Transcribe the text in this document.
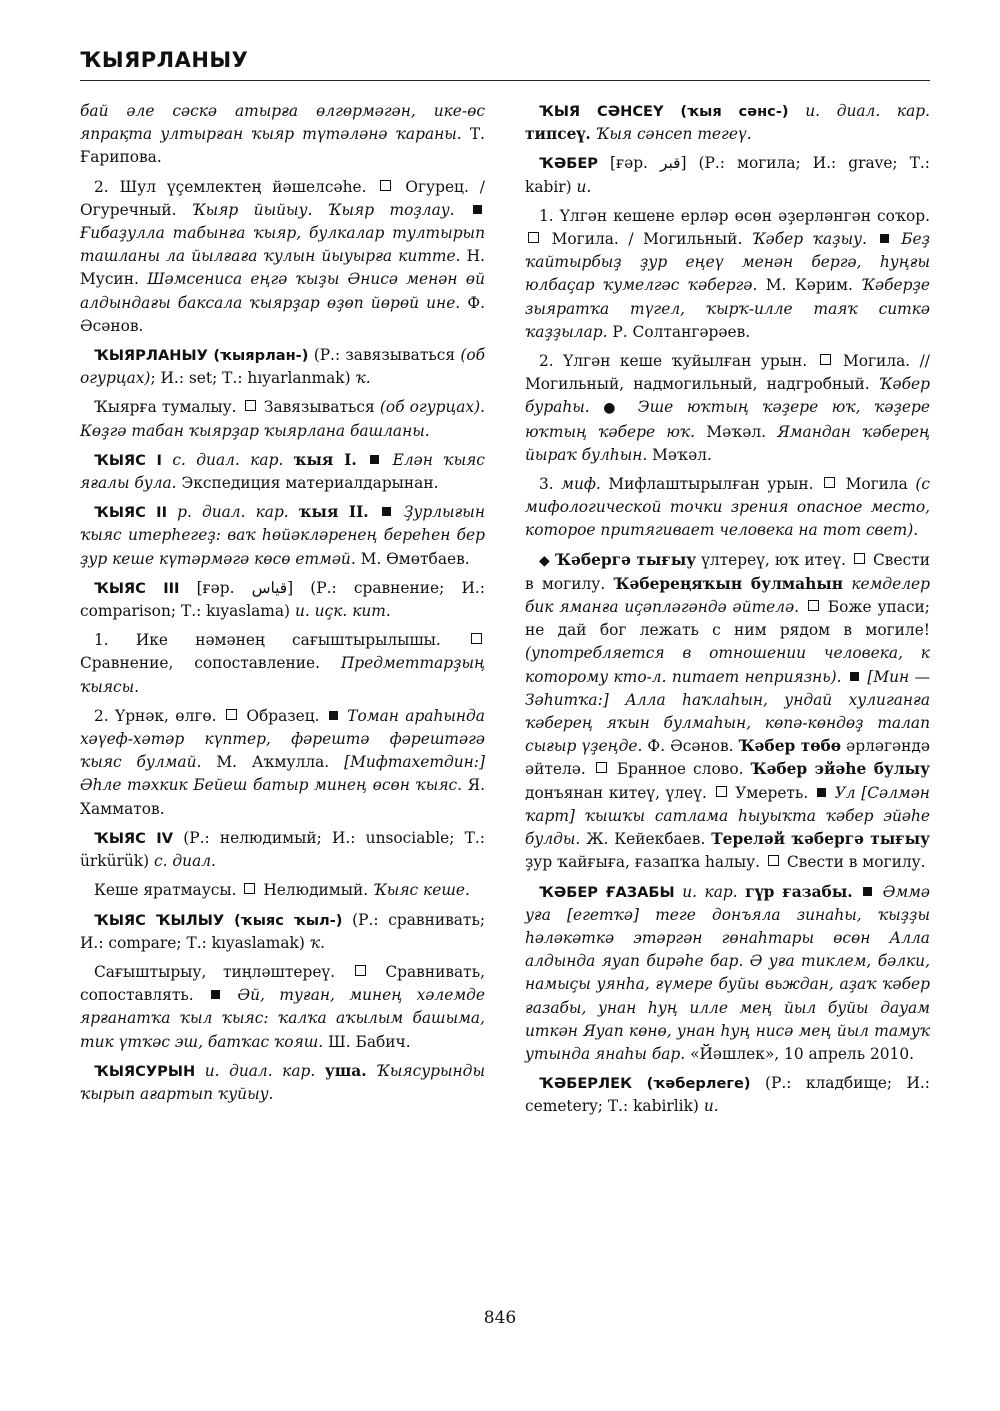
ҠЫЯРЛАНЫУ

бай әле сәскә атырға өлгөрмәгән, ике-өс япрақта ултырған ҡыяр түтәләнә ҡараны. Т. Ғарипова.

2. Шул үҫемлектең йәшелсәһе.	Огурец. / Огуречный. Ҡыяр йыйыу. Ҡыяр тоҙлау.  Ғибаҙулла табынға ҡыяр, булкалар тултырып ташланы ла йылғаға ҡулын йыуырға китте. Н. Мусин. Шәмсениса еңгә ҡыҙы Әнисә менән өй алдындағы баксала ҡыярҙар өҙөп йөрөй ине. Ф. Әсәнов.

ҠЫЯРЛАНЫУ (ҡыярлан-) (Р.: завязываться (об огурцах); И.: set; Т.: hıyarlanmak) ҡ.

Ҡыярға тумалыу. Завязываться (об огурцах). Көҙгә табан ҡыярҙар ҡыярлана башланы.

ҠЫЯС I с. диал. кар. ҡыя I. Елән ҡыяс яғалы була. Экспедиция материалдарынан.

ҠЫЯС II р. диал. кар. ҡыя II. Ҙурлығын ҡыяс итерһегеҙ: ваҡ һөйәкләренең береһен бер ҙур кеше күтәрмәгә көсө етмәй. М. Өмөтбаев.

ҠЫЯС III [ғәр. قياس] (Р.: сравнение; И.: comparison; Т.: kıyaslama) и. иҫк. кит.

1. Ике нәмәнең сағыштырылышы.  Сравнение, сопоставление. Предметтарҙың ҡыясы.

2. Үрнәк, өлгө. Образец. Томан араһында хәүеф-хәтәр күптер, фәрештә фәрештәгә ҡыяс булмай. М. Аҡмулла. [Мифтахетдин:] Әһле тәхкик Бейеш батыр минең өсөн ҡыяс. Я. Хамматов.

ҠЫЯС IV (Р.: нелюдимый; И.: unsociable; Т.: ürkürük) с. диал.

Кеше яратмаусы. Нелюдимый. Ҡыяс кеше.

ҠЫЯС ҠЫЛЫУ (ҡыяс ҡыл-) (Р.: сравнивать; И.: compare; Т.: kıyaslamak) ҡ.

Сағыштырыу, тиңләштереү.	Сравнивать, сопоставлять.	Әй, туған, минең хәлемде ярғанатҡа ҡыл ҡыяс: ҡалҡа аҡылым башыма, тик үтҡәс эш, батҡас ҡояш. Ш. Бабич.

ҠЫЯСУРЫН и. диал. кар. уша. Ҡыясурынды ҡырып ағартып ҡуйыу.

ҠЫЯ СӘНСЕҮ (ҡыя сәнс-) и. диал. кар. типсеү. Ҡыя сәнсеп тегеү.

ҠӘБЕР [ғәр. قبر] (Р.: могила; И.: grave; Т.: kabir) и.

1. Үлгән кешене ерләр өсөн әҙерләнгән соҡор.  Могила. / Могильный. Ҡәбер ҡаҙыу. Беҙ ҡайтырбыҙ ҙур еңеү менән бергә, һуңғы юлбаҫар ҡумелгәс ҡәбергә. М. Кәрим. Ҡәберҙе зыяратҡа түгел, ҡырҡ-илле таяҡ ситкә ҡаҙҙылар. Р. Солтангәрәев.

2. Үлгән кеше ҡуйылған урын. Могила. // Могильный, надмогильный, надгробный. Ҡәбер бураһы. ● Эше юҡтың ҡәҙере юҡ, ҡәҙере юҡтың ҡәбере юҡ. Мәҡәл. Ямандан ҡәберең йыраҡ булһын. Мәҡәл.

3. миф. Мифлаштырылған урын. Могила (с мифологической точки зрения опасное место, которое притягивает человека на тот свет).

◆ Ҡәбергә тығыу үлтереү, юҡ итеү. Свести в могилу. Ҡәбереңяҡын булмаһын кемделер бик яманға иҫәпләгәндә әйтелә. Боже упаси; не дай бог лежать с ним рядом в могиле! (употребляется в отношении человека, к которому кто-л. питает неприязнь). [Мин — Зәһитҡа:] Алла һаҡлаһын, ундай хулиганға ҡәберең яҡын булмаһын, көпә-көндөҙ талап сығыр үҙеңде. Ф. Әсәнов. Ҡәбер төбө әрләгәндә әйтелә. Бранное слово. Ҡәбер эйәһе булыу донъянан китеү, үлеү. Умереть. Ул [Сәлмән ҡарт] ҡышҡы сатлама һыуыҡта ҡәбер эйәһе булды. Ж. Кейекбаев. Тереләй ҡәбергә тығыу ҙур ҡайғыға, ғазапҡа һалыу. Свести в могилу.

ҠӘБЕР ҒАЗАБЫ и. кар. гүр ғазабы. Әммә уға [егетҡә] теге донъяла зинаһы, ҡыҙҙы һәләкәткә этәргән гөнаһтары өсөн Алла алдында яуап бирәһе бар. Ә уға тиклем, бәлки, намыҫы уянһа, ғүмере буйы вьждан, аҙаҡ ҡәбер ғазабы, унан һуң илле мең йыл буйы дауам иткән Яуап көнө, унан һуң нисә мең йыл тамуҡ утында янаһы бар. «Йәшлек», 10 апрель 2010.

ҠӘБЕРЛЕК (ҡәберлеге) (Р.: кладбище; И.: cemetery; Т.: kabirlik) и.

846
